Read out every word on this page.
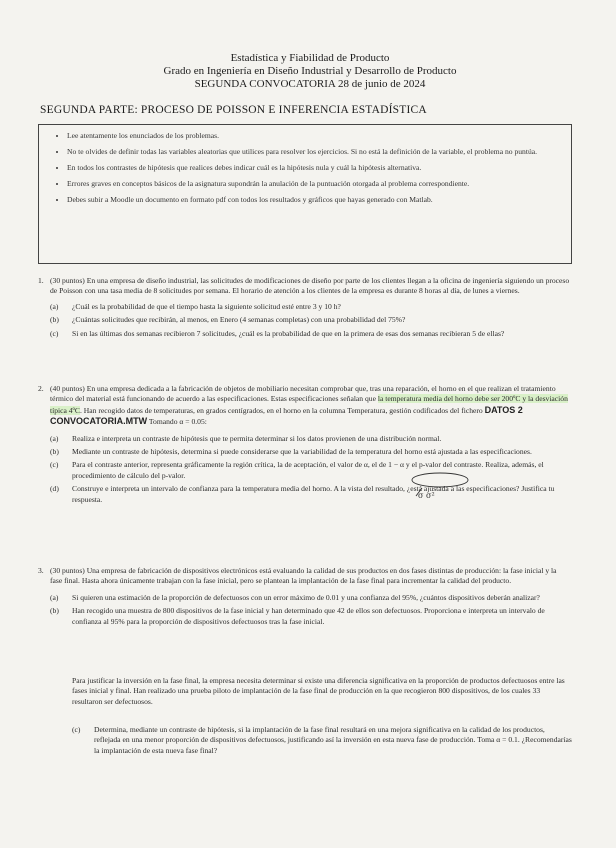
Estadística y Fiabilidad de Producto
Grado en Ingeniería en Diseño Industrial y Desarrollo de Producto
SEGUNDA CONVOCATORIA 28 de junio de 2024
SEGUNDA PARTE: PROCESO DE POISSON E INFERENCIA ESTADÍSTICA
• Lee atentamente los enunciados de los problemas.
• No te olvides de definir todas las variables aleatorias que utilices para resolver los ejercicios. Si no está la definición de la variable, el problema no puntúa.
• En todos los contrastes de hipótesis que realices debes indicar cuál es la hipótesis nula y cuál la hipótesis alternativa.
• Errores graves en conceptos básicos de la asignatura supondrán la anulación de la puntuación otorgada al problema correspondiente.
• Debes subir a Moodle un documento en formato pdf con todos los resultados y gráficos que hayas generado con Matlab.
1. (30 puntos) En una empresa de diseño industrial, las solicitudes de modificaciones de diseño por parte de los clientes llegan a la oficina de ingeniería siguiendo un proceso de Poisson con una tasa media de 8 solicitudes por semana. El horario de atención a los clientes de la empresa es durante 8 horas al día, de lunes a viernes.
(a) ¿Cuál es la probabilidad de que el tiempo hasta la siguiente solicitud esté entre 3 y 10 h?
(b) ¿Cuántas solicitudes que recibirán, al menos, en Enero (4 semanas completas) con una probabilidad del 75%?
(c) Si en las últimas dos semanas recibieron 7 solicitudes, ¿cuál es la probabilidad de que en la primera de esas dos semanas recibieran 5 de ellas?
2. (40 puntos) En una empresa dedicada a la fabricación de objetos de mobiliario necesitan comprobar que, tras una reparación, el horno en el que realizan el tratamiento térmico del material está funcionando de acuerdo a las especificaciones. Estas especificaciones señalan que la temperatura media del horno debe ser 200ºC y la desviación típica 4ºC. Han recogido datos de temperaturas, en grados centígrados, en el horno en la columna Temperatura, gestión codificados del fichero DATOS 2 CONVOCATORIA.MTW Tomando α = 0.05:
(a) Realiza e interpreta un contraste de hipótesis que te permita determinar si los datos provienen de una distribución normal.
(b) Mediante un contraste de hipótesis, determina si puede considerarse que la variabilidad de la temperatura del horno está ajustada a las especificaciones.
(c) Para el contraste anterior, representa gráficamente la región crítica, la de aceptación, el valor de α, el de 1 − α y el p-valor del contraste. Realiza, además, el procedimiento de cálculo del p-valor.
(d) Construye e interpreta un intervalo de confianza para la temperatura media del horno. A la vista del resultado, ¿está ajustada a las especificaciones? Justifica tu respuesta.	σ σ²
3. (30 puntos) Una empresa de fabricación de dispositivos electrónicos está evaluando la calidad de sus productos en dos fases distintas de producción: la fase inicial y la fase final. Hasta ahora únicamente trabajan con la fase inicial, pero se plantean la implantación de la fase final para incrementar la calidad del producto.
(a) Si quieren una estimación de la proporción de defectuosos con un error máximo de 0.01 y una confianza del 95%, ¿cuántos dispositivos deberán analizar?
(b) Han recogido una muestra de 800 dispositivos de la fase inicial y han determinado que 42 de ellos son defectuosos. Proporciona e interpreta un intervalo de confianza al 95% para la proporción de dispositivos defectuosos tras la fase inicial.
Para justificar la inversión en la fase final, la empresa necesita determinar si existe una diferencia significativa en la proporción de productos defectuosos entre las fases inicial y final. Han realizado una prueba piloto de implantación de la fase final de producción en la que recogieron 800 dispositivos, de los cuales 33 resultaron ser defectuosos.
(c) Determina, mediante un contraste de hipótesis, si la implantación de la fase final resultará en una mejora significativa en la calidad de los productos, reflejada en una menor proporción de dispositivos defectuosos, justificando así la inversión en esta nueva fase de producción. Toma α = 0.1. ¿Recomendarías la implantación de esta nueva fase final?
